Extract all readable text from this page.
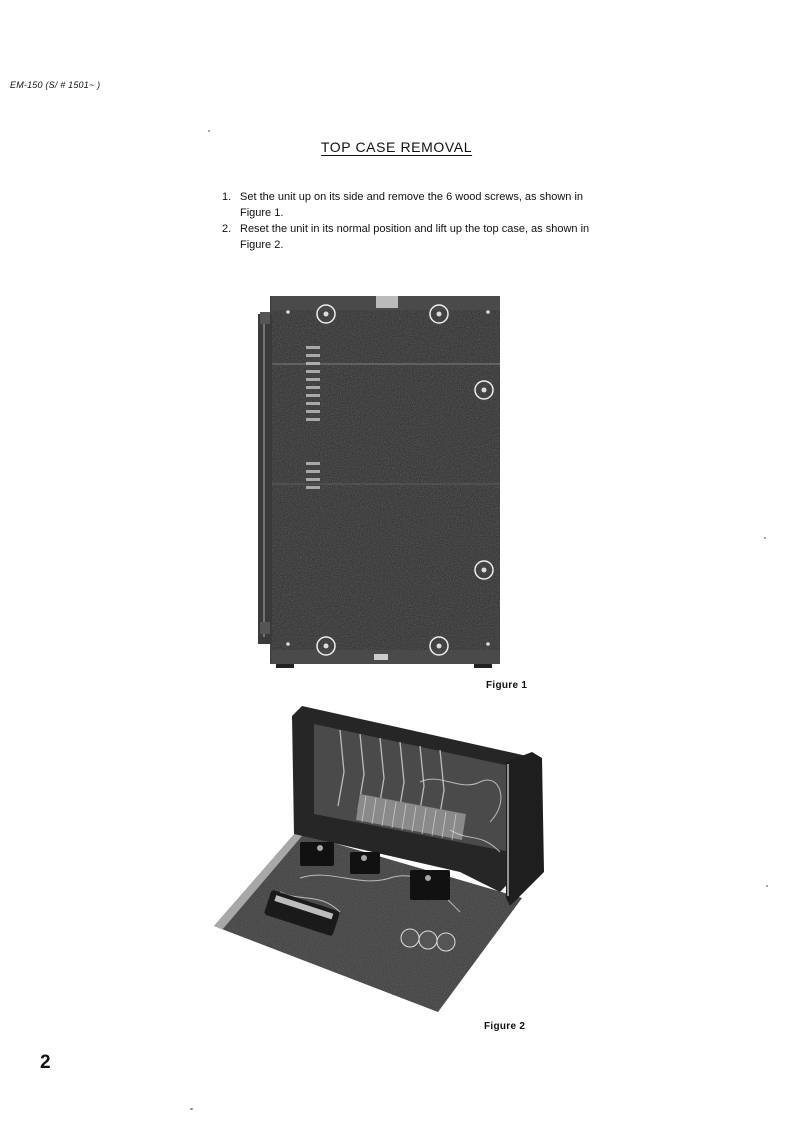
EM-150 (S/ # 1501~ )
TOP CASE REMOVAL
1. Set the unit up on its side and remove the 6 wood screws, as shown in Figure 1.
2. Reset the unit in its normal position and lift up the top case, as shown in Figure 2.
Figure 1
Figure 2
2
